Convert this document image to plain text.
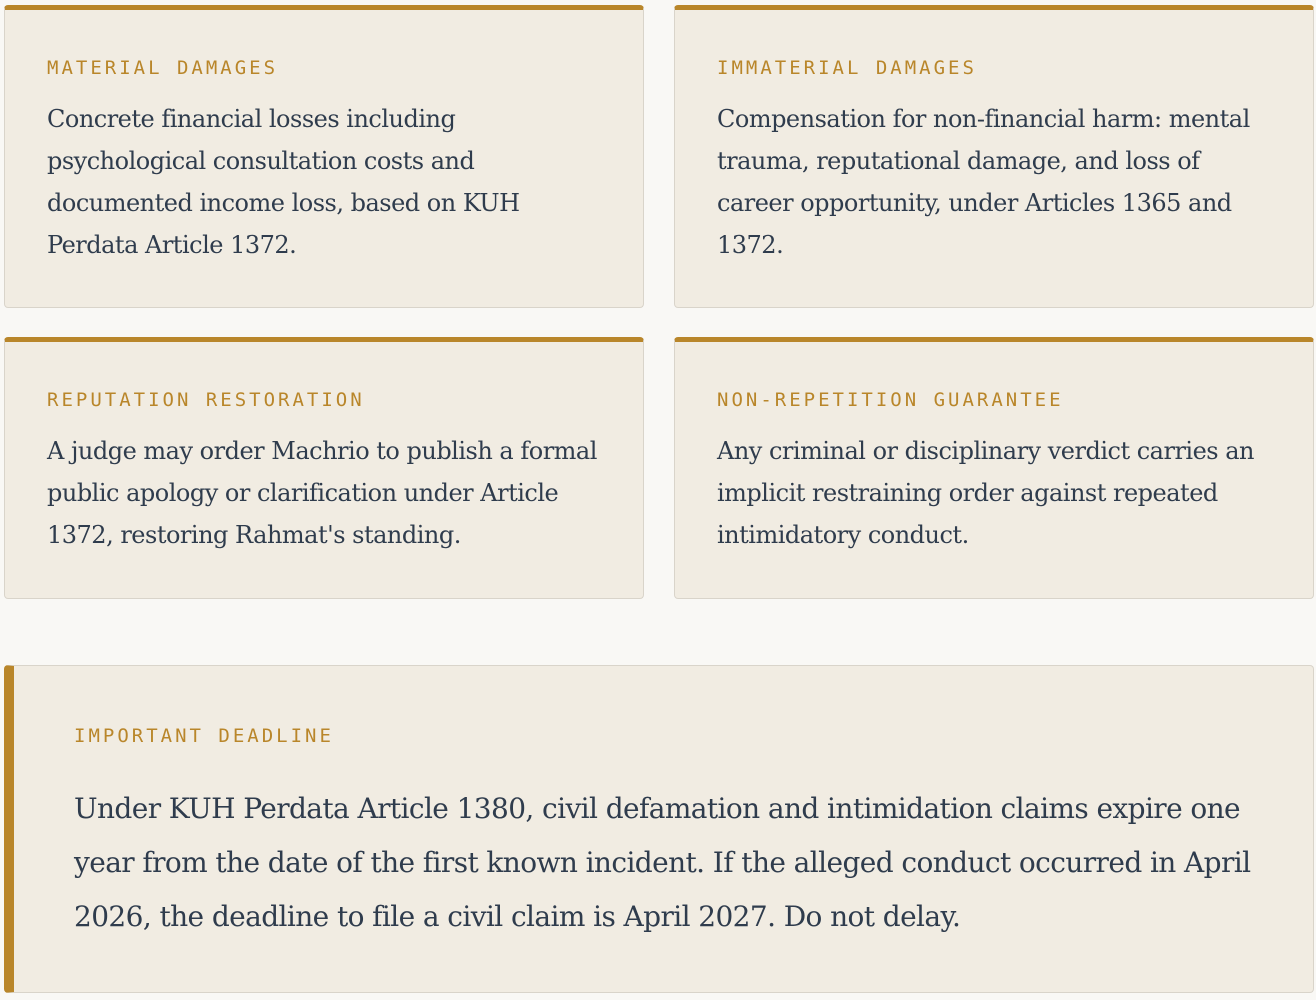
MATERIAL DAMAGES

Concrete financial losses including psychological consultation costs and documented income loss, based on KUH Perdata Article 1372.

IMMATERIAL DAMAGES

Compensation for non-financial harm: mental trauma, reputational damage, and loss of career opportunity, under Articles 1365 and 1372.

REPUTATION RESTORATION

A judge may order Machrio to publish a formal public apology or clarification under Article 1372, restoring Rahmat's standing.

NON-REPETITION GUARANTEE

Any criminal or disciplinary verdict carries an implicit restraining order against repeated intimidatory conduct.

IMPORTANT DEADLINE

Under KUH Perdata Article 1380, civil defamation and intimidation claims expire one year from the date of the first known incident. If the alleged conduct occurred in April 2026, the deadline to file a civil claim is April 2027. Do not delay.
